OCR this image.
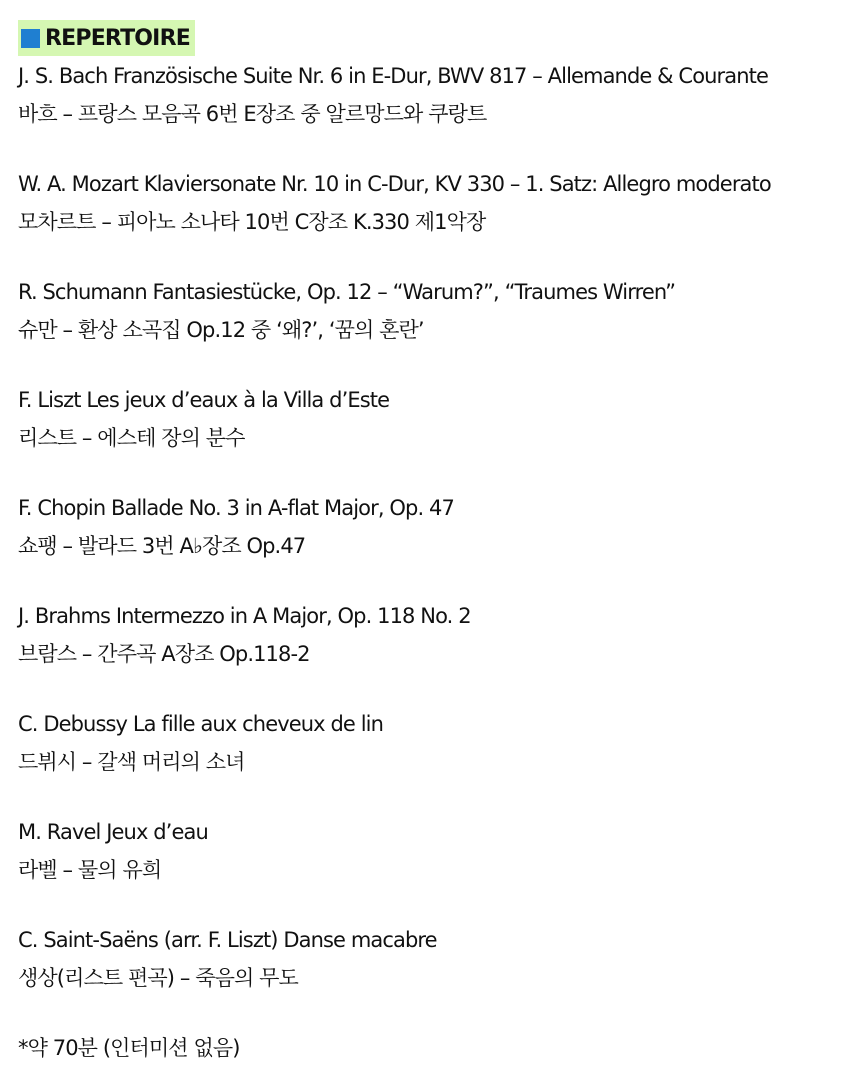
REPERTOIRE
J. S. Bach Französische Suite Nr. 6 in E-Dur, BWV 817 – Allemande & Courante
바흐 – 프랑스 모음곡 6번 E장조 중 알르망드와 쿠랑트
W. A. Mozart Klaviersonate Nr. 10 in C-Dur, KV 330 – 1. Satz: Allegro moderato
모차르트 – 피아노 소나타 10번 C장조 K.330 제1악장
R. Schumann Fantasiestücke, Op. 12 – “Warum?”, “Traumes Wirren”
슈만 – 환상 소곡집 Op.12 중 ‘왜?’, ‘꿈의 혼란’
F. Liszt Les jeux d’eaux à la Villa d’Este
리스트 – 에스테 장의 분수
F. Chopin Ballade No. 3 in A-flat Major, Op. 47
쇼팽 – 발라드 3번 A♭장조 Op.47
J. Brahms Intermezzo in A Major, Op. 118 No. 2
브람스 – 간주곡 A장조 Op.118-2
C. Debussy La fille aux cheveux de lin
드뷔시 – 갈색 머리의 소녀
M. Ravel Jeux d’eau
라벨 – 물의 유희
C. Saint-Saëns (arr. F. Liszt) Danse macabre
생상(리스트 편곡) – 죽음의 무도
*약 70분 (인터미션 없음)
